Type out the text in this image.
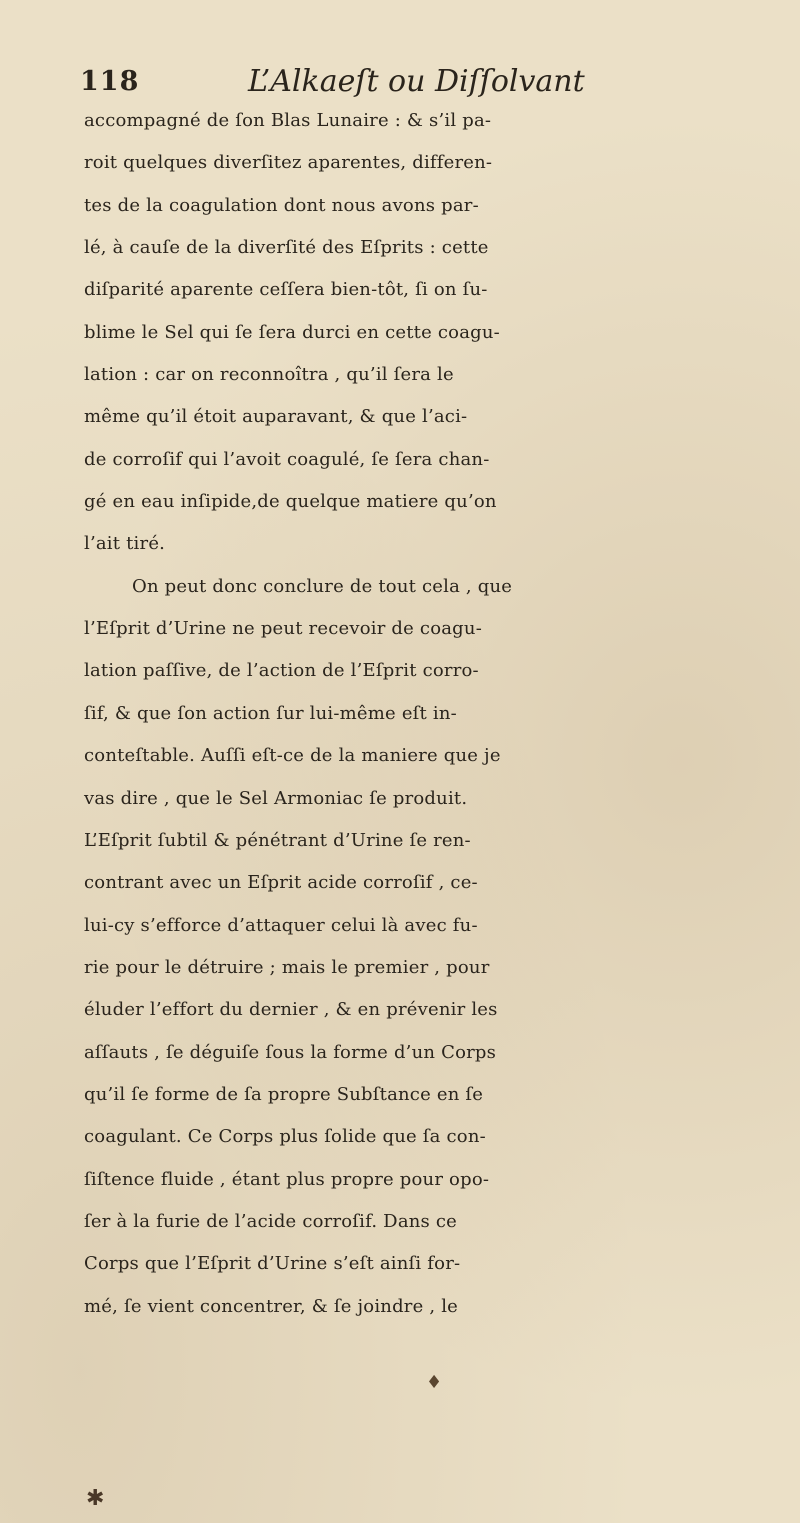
118	L’Alkaeſt ou Diſſolvant
accompagné de ſon Blas Lunaire : & s’il pa-
roit quelques diverſitez aparentes, differen-
tes de la coagulation dont nous avons par-
lé, à cauſe de la diverſité des Eſprits : cette
diſparité aparente ceſſera bien-tôt, ſi on ſu-
blime le Sel qui ſe ſera durci en cette coagu-
lation : car on reconnoîtra , qu’il ſera le
même qu’il étoit auparavant, & que l’aci-
de corroſif qui l’avoit coagulé, ſe ſera chan-
gé en eau inſipide,de quelque matiere qu’on
l’ait tiré.
On peut donc conclure de tout cela , que
l’Eſprit d’Urine ne peut recevoir de coagu-
lation paſſive, de l’action de l’Eſprit corro-
ſif, & que ſon action ſur lui-même eſt in-
conteſtable. Auſſi eſt-ce de la maniere que je
vas dire , que le Sel Armoniac ſe produit.
L’Eſprit ſubtil & pénétrant d’Urine ſe ren-
contrant avec un Eſprit acide corroſif , ce-
lui-cy s’efforce d’attaquer celui là avec fu-
rie pour le détruire ; mais le premier , pour
éluder l’effort du dernier , & en prévenir les
aſſauts , ſe déguiſe ſous la forme d’un Corps
qu’il ſe forme de ſa propre Subſtance en ſe
coagulant. Ce Corps plus ſolide que ſa con-
ſiſtence fluide , étant plus propre pour opo-
ſer à la furie de l’acide corroſif. Dans ce
Corps que l’Eſprit d’Urine s’eſt ainſi for-
mé, ſe vient concentrer, & ſe joindre , le
♦
✱
